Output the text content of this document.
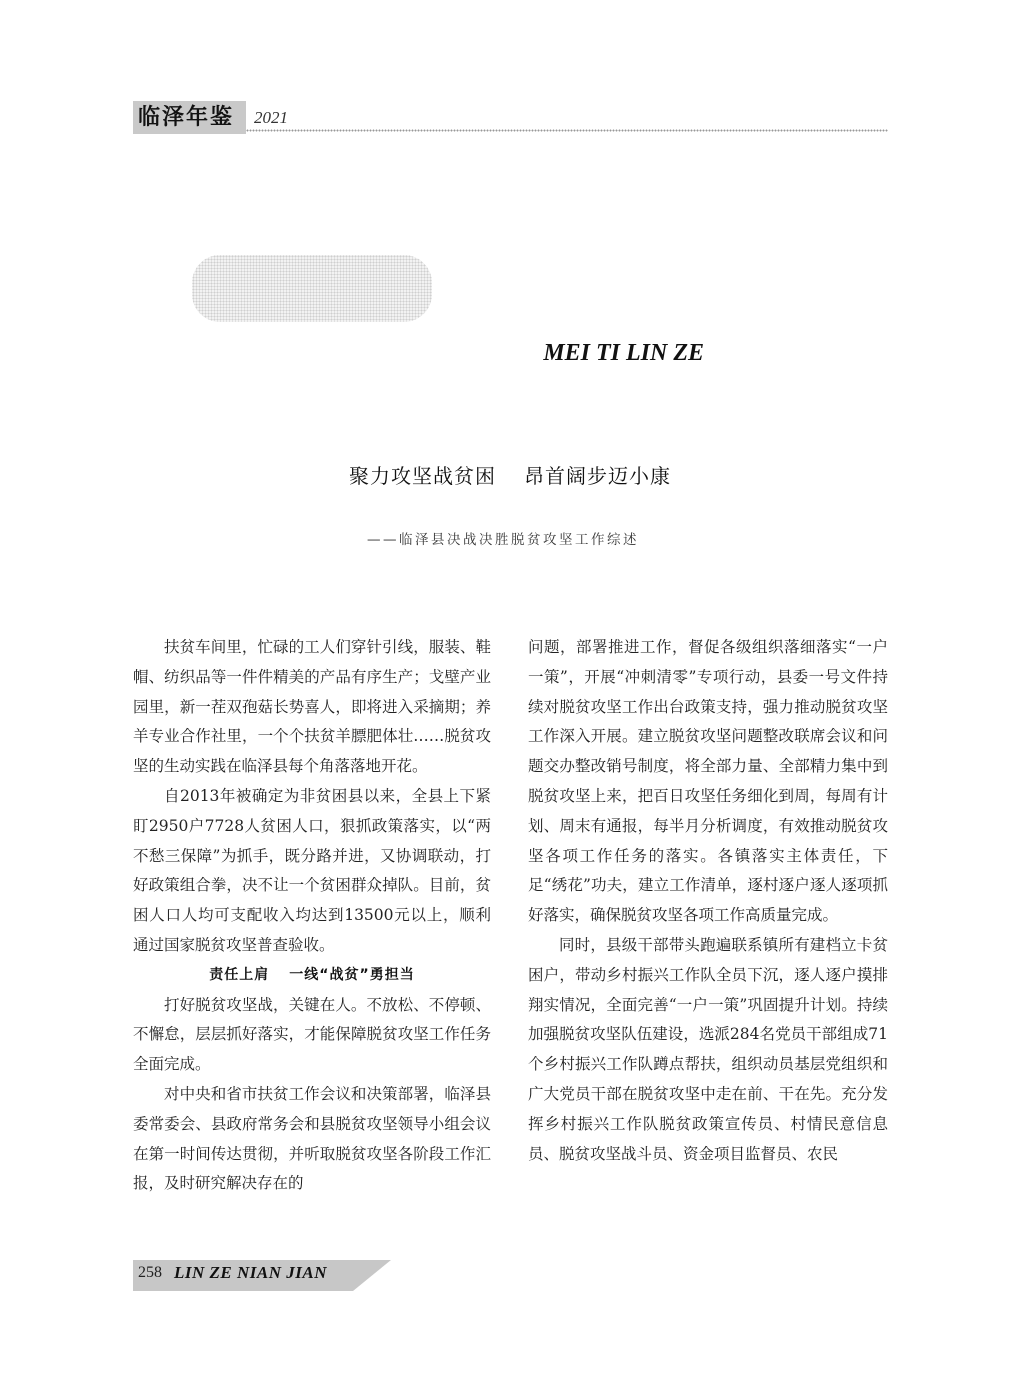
临泽年鉴 2021
MEI TI LIN ZE
聚力攻坚战贫困 昂首阔步迈小康
——临泽县决战决胜脱贫攻坚工作综述

扶贫车间里，忙碌的工人们穿针引线，服装、鞋帽、纺织品等一件件精美的产品有序生产；戈壁产业园里，新一茬双孢菇长势喜人，即将进入采摘期；养羊专业合作社里，一个个扶贫羊膘肥体壮……脱贫攻坚的生动实践在临泽县每个角落落地开花。

自2013年被确定为非贫困县以来，全县上下紧盯2950户7728人贫困人口，狠抓政策落实，以“两不愁三保障”为抓手，既分路并进，又协调联动，打好政策组合拳，决不让一个贫困群众掉队。目前，贫困人口人均可支配收入均达到13500元以上，顺利通过国家脱贫攻坚普查验收。

责任上肩 一线“战贫”勇担当

打好脱贫攻坚战，关键在人。不放松、不停顿、不懈怠，层层抓好落实，才能保障脱贫攻坚工作任务全面完成。

对中央和省市扶贫工作会议和决策部署，临泽县委常委会、县政府常务会和县脱贫攻坚领导小组会议在第一时间传达贯彻，并听取脱贫攻坚各阶段工作汇报，及时研究解决存在的

问题，部署推进工作，督促各级组织落细落实“一户一策”，开展“冲刺清零”专项行动，县委一号文件持续对脱贫攻坚工作出台政策支持，强力推动脱贫攻坚工作深入开展。建立脱贫攻坚问题整改联席会议和问题交办整改销号制度，将全部力量、全部精力集中到脱贫攻坚上来，把百日攻坚任务细化到周，每周有计划、周末有通报，每半月分析调度，有效推动脱贫攻坚各项工作任务的落实。各镇落实主体责任，下足“绣花”功夫，建立工作清单，逐村逐户逐人逐项抓好落实，确保脱贫攻坚各项工作高质量完成。

同时，县级干部带头跑遍联系镇所有建档立卡贫困户，带动乡村振兴工作队全员下沉，逐人逐户摸排翔实情况，全面完善“一户一策”巩固提升计划。持续加强脱贫攻坚队伍建设，选派284名党员干部组成71个乡村振兴工作队蹲点帮扶，组织动员基层党组织和广大党员干部在脱贫攻坚中走在前、干在先。充分发挥乡村振兴工作队脱贫政策宣传员、村情民意信息员、脱贫攻坚战斗员、资金项目监督员、农民

258 LIN ZE NIAN JIAN
